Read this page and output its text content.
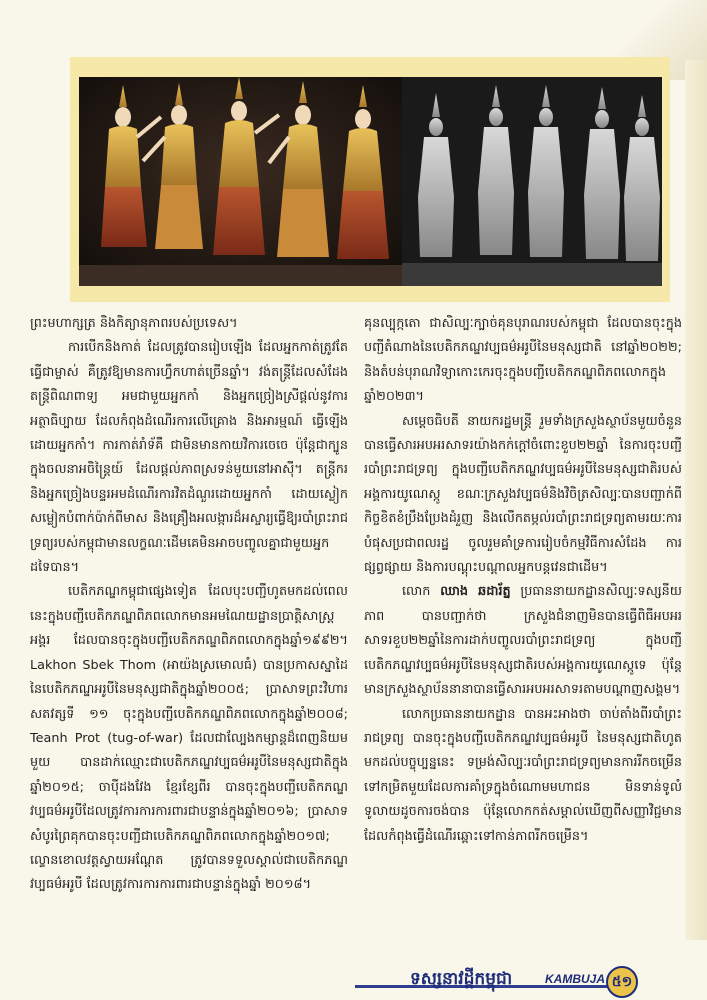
ព្រះមហាក្សត្រ និងកិត្យានុភាពរបស់ប្រទេស។

ការបើកនិងកាត់ ដែលត្រូវបានរៀបឡើង ដែលអ្នកកាត់ត្រូវតែធ្វើជាម្ចាស់ គឺត្រូវឱ្យមានការហ្វឹកហាត់ច្រើនឆ្នាំ។ វង់តន្ត្រីដែលសំដែងតន្ត្រីពិណពាទ្យ អមជាមួយអ្នកកាំ និងអ្នកច្រៀងស្រីផ្តល់នូវការអត្ថាធិប្បាយ ដែលកំពុងដំណើរការលើគ្រោង និងអារម្មណ៍ ធ្វើឡើងដោយអ្នកកាំ។ ការកាត់រាំទ័គឺ ជាមិនមានកាយវិការចេចេ ប៉ុន្តែជាក្បូនក្នុងចលនាអចិន្ត្រៃយ៍ ដែលផ្តល់ភាពស្រទន់មួយនៅអាស៊ី។ តន្ត្រីករ និងអ្នកច្រៀងបន្ទរអមដំណើរការវិតដំណួរដោយអ្នកកាំ ដោយស្លៀកសម្លៀកបំពាក់ប៉ាក់ពីមាស និងគ្រឿងអលង្ការដ៏អស្ចារ្យធ្វើឱ្យរបាំព្រះរាជទ្រព្យរបស់កម្ពុជាមានលក្ខណៈដើមគេមិនអាចបញ្ចូលគ្នាជាមួយអ្នកដទៃបាន។

បេតិកភណ្ឌកម្ពុជាផ្សេងទៀត ដែលបុះបញ្ជីហូតមកដល់ពេលនេះក្នុងបញ្ជីបេតិកភណ្ឌពិភពលោកមានអមណៃយដ្ឋានប្រាត្តិសាស្ត្រអង្គរ ដែលបានចុះក្នុងបញ្ជីបេតិកភណ្ឌពិភពលោកក្នុងឆ្នាំ១៩៩២។ Lakhon Sbek Thom (អាយ៉ងស្រមោលធំ) បានប្រកាសស្នាដៃនៃបេតិកភណ្ឌអរូបីនៃមនុស្សជាតិក្នុងឆ្នាំ២០០៥; ប្រាសាទព្រះវិហារសតវត្សទី ១១ ចុះក្នុងបញ្ជីបេតិកភណ្ឌពិភពលោកក្នុងឆ្នាំ២០០៨; Teanh Prot (tug-of-war) ដែលជាល្បែងកម្សាន្តដ៏ពេញនិយមមួយ បានដាក់ឈ្មោះជាបេតិកភណ្ឌវប្បធម៌អរូបីនៃមនុស្សជាតិក្នុងឆ្នាំ២០១៥; ចាប៉ីដងវែង ខ្មែរខ្សែពីរ បានចុះក្នុងបញ្ជីបេតិកភណ្ឌវប្បធម៌អរូបីដែលត្រូវការការការពារជាបន្ទាន់ក្នុងឆ្នាំ២០១៦; ប្រាសាទសំបូរព្រៃគុកបានចុះបញ្ជីជាបេតិកភណ្ឌពិភពលោកក្នុងឆ្នាំ២០១៧; ល្ខោនខោលវត្តស្វាយអណ្តែត ត្រូវបានទទួលស្គាល់ជាបេតិកភណ្ឌវប្បធម៌អរូបី ដែលត្រូវការការការពារជាបន្ទាន់ក្នុងឆ្នាំ ២០១៨។

គុនល្បុក្កតោ ជាសិល្បៈក្បាច់គុនបុរាណរបស់កម្ពុជា ដែលបានចុះក្នុងបញ្ជីតំណាងនៃបេតិកភណ្ឌវប្បធម៌អរូបីនៃមនុស្សជាតិ នៅឆ្នាំ២០២២; និងតំបន់បុរាណវិទ្យាកោះកេរចុះក្នុងបញ្ជីបេតិកភណ្ឌពិភពលោកក្នុងឆ្នាំ២០២៣។

សម្តេចធិបតី នាយករដ្ឋមន្ត្រី រួមទាំងក្រសួងស្ថាប័នមួយចំនួន បានធ្វើសារអបអរសាទរយ៉ាងកក់ក្តៅចំពោះខួប២២ឆ្នាំ នៃការចុះបញ្ជីរបាំព្រះរាជទ្រព្យ ក្នុងបញ្ជីបេតិកភណ្ឌវប្បធម៌អរូបីនៃមនុស្សជាតិរបស់អង្គការយូណេស្កូ ខណៈក្រសួងវប្បធម៌និងវិចិត្រសិល្បៈបានបញ្ជាក់ពីកិច្ចខិតខំប្រឹងប្រែងដំរួញ និងលើកតម្កល់របាំព្រះរាជទ្រព្យតាមរយៈការបំផុសប្រជាពលរដ្ឋ ចូលរួមគាំទ្រការរៀបចំកម្មវិធីការសំដែង ការផ្សព្វផ្សាយ និងការបណ្តុះបណ្តាលអ្នកបន្តវេនជាដើម។

លោក ឈាង ឆដារ័ត្ន ប្រធាននាយកដ្ឋានសិល្បៈទស្សនីយភាព បានបញ្ជាក់ថា ក្រសួងជំនាញមិនបានធ្វើពិធីអបអរសាទរខួប២២ឆ្នាំនៃការដាក់បញ្ចូលរបាំព្រះរាជទ្រព្យ ក្នុងបញ្ជីបេតិកភណ្ឌវប្បធម៌អរូបីនៃមនុស្សជាតិរបស់អង្គការយូណេស្កូទេ ប៉ុន្តែមានក្រសួងស្ថាប័ននានាបានធ្វើសារអបអរសាទរតាមបណ្តាញសង្គម។

លោកប្រធាននាយកដ្ឋាន បានអះអាងថា ចាប់តាំងពីរបាំព្រះរាជទ្រព្យ បានចុះក្នុងបញ្ជីបេតិកភណ្ឌវប្បធម៌អរូបី នៃមនុស្សជាតិហូតមកដល់បច្ចុប្បន្ននេះ ទម្រង់សិល្បៈរបាំព្រះរាជទ្រព្យមានការរីកចម្រើនទៅកម្រិតមួយដែលការគាំទ្រក្នុងចំណោមមហាជន មិនទាន់ទូលំទូលាយដូចការចង់បាន ប៉ុន្តែលោកកត់សម្គាល់ឃើញពីសញ្ញាវិជ្ជមាន ដែលកំពុងធ្វើដំណើរឆ្ពោះទៅកាន់ភាពរីកចម្រើន។

ទស្សនាវដ្តីកម្ពុជា	KAMBUJA ៥១
